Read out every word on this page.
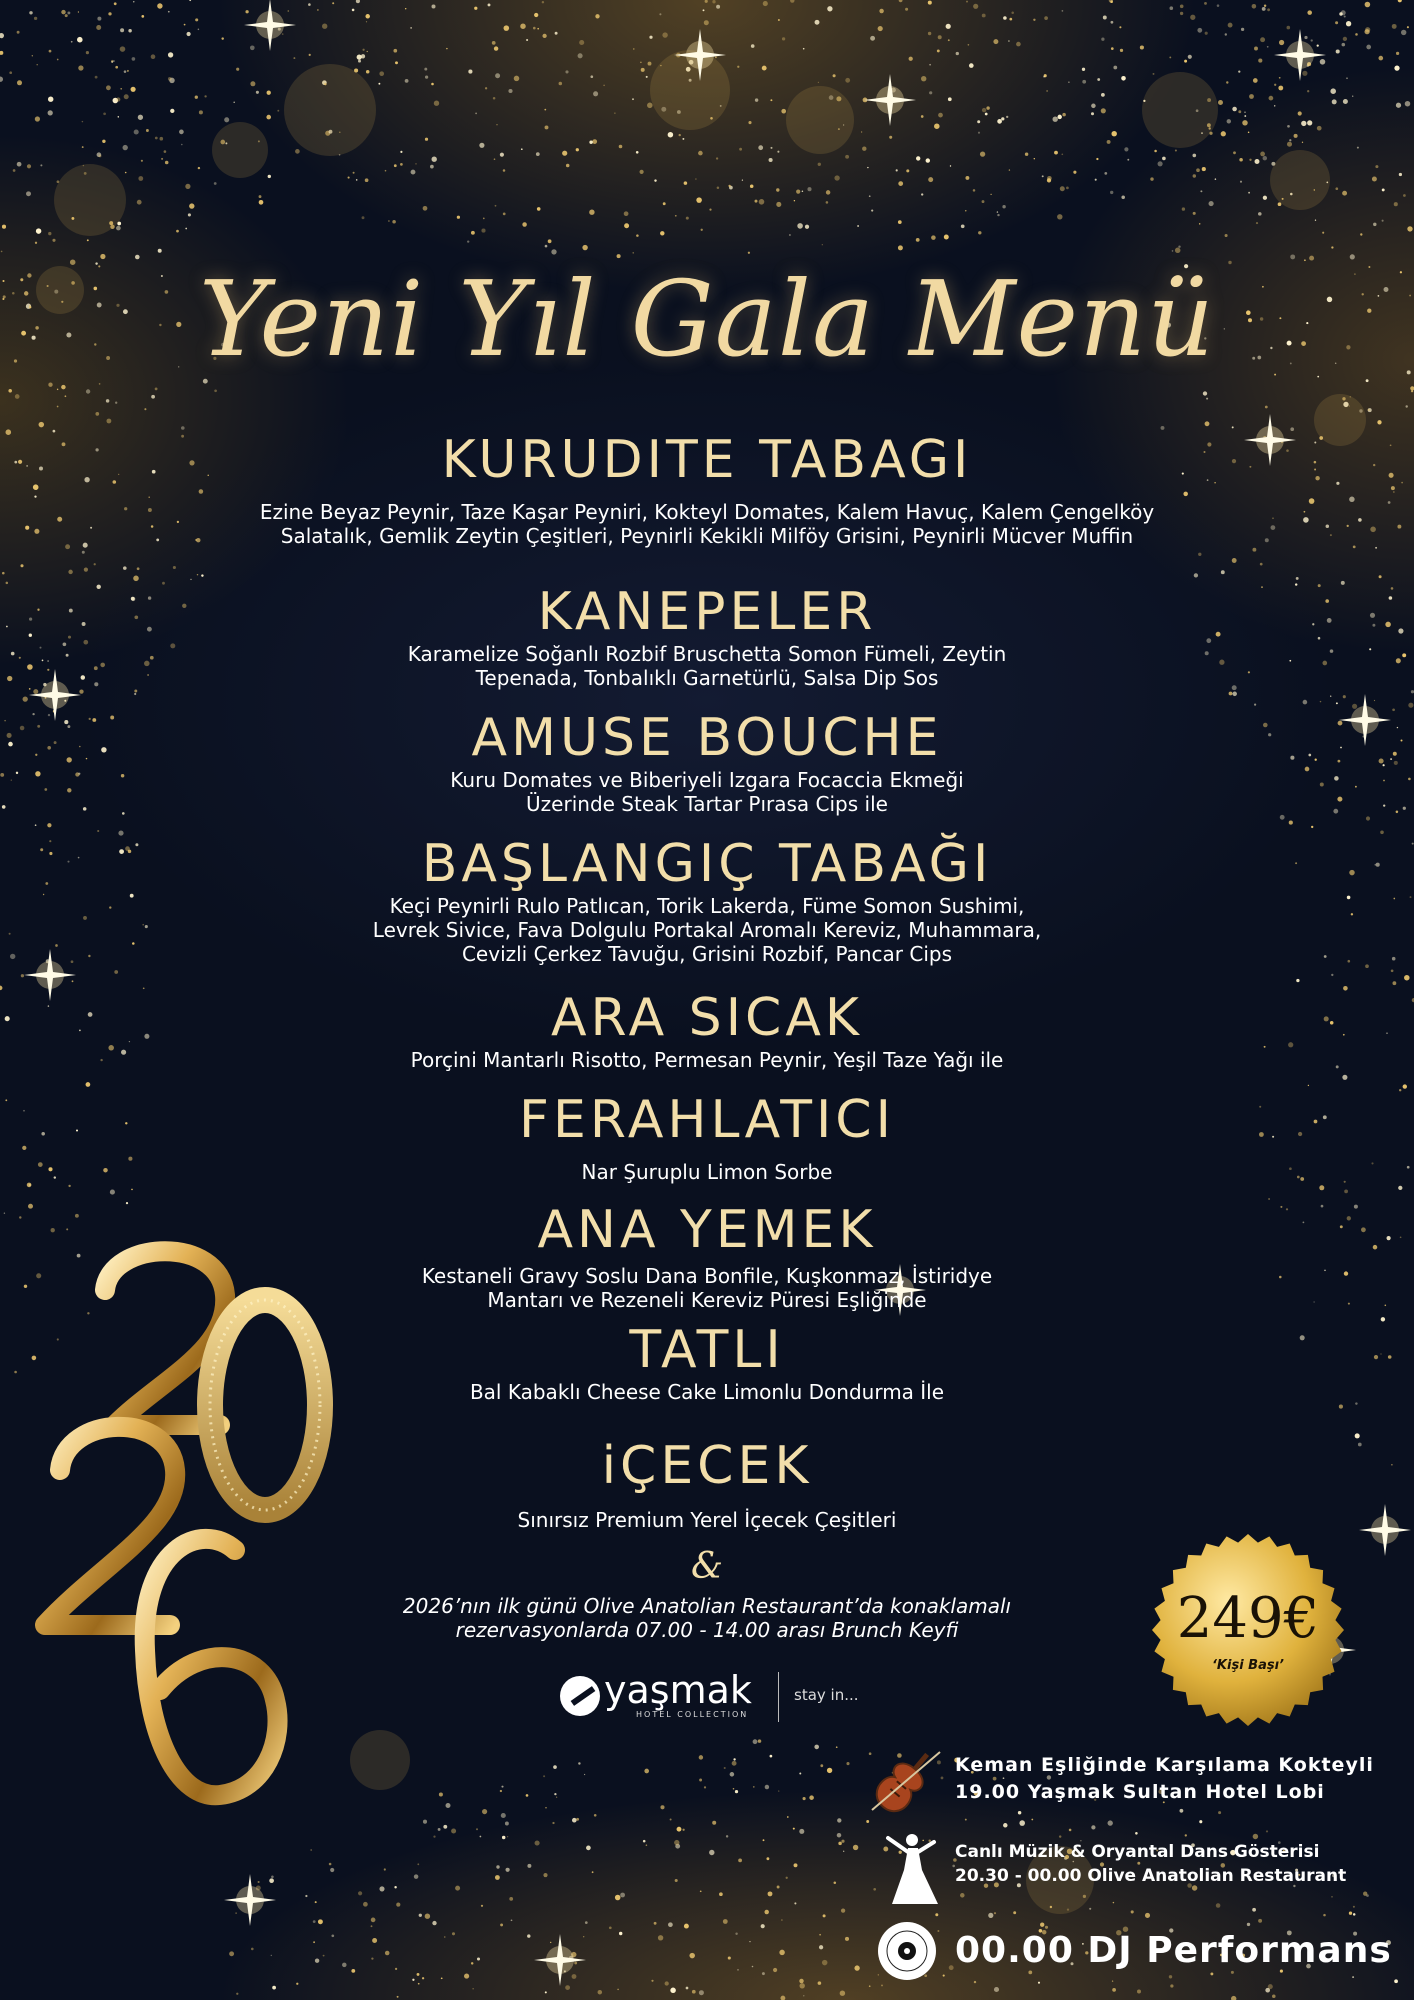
Yeni Yıl Gala Menü
KURUDITE TABAGI

Ezine Beyaz Peynir, Taze Kaşar Peyniri, Kokteyl Domates, Kalem Havuç, Kalem Çengelköy
Salatalık, Gemlik Zeytin Çeşitleri, Peynirli Kekikli Milföy Grisini, Peynirli Mücver Muffin

KANEPELER

Karamelize Soğanlı Rozbif Bruschetta Somon Fümeli, Zeytin
Tepenada, Tonbalıklı Garnetürlü, Salsa Dip Sos

AMUSE BOUCHE

Kuru Domates ve Biberiyeli Izgara Focaccia Ekmeği
Üzerinde Steak Tartar Pırasa Cips ile

BAŞLANGIÇ TABAĞI

Keçi Peynirli Rulo Patlıcan, Torik Lakerda, Füme Somon Sushimi,
Levrek Sivice, Fava Dolgulu Portakal Aromalı Kereviz, Muhammara,
Cevizli Çerkez Tavuğu, Grisini Rozbif, Pancar Cips

ARA SICAK

Porçini Mantarlı Risotto, Permesan Peynir, Yeşil Taze Yağı ile

FERAHLATICI

Nar Şuruplu Limon Sorbe

ANA YEMEK

Kestaneli Gravy Soslu Dana Bonfile, Kuşkonmaz, İstiridye
Mantarı ve Rezeneli Kereviz Püresi Eşliğinde

TATLI

Bal Kabaklı Cheese Cake Limonlu Dondurma İle

iÇECEK

Sınırsız Premium Yerel İçecek Çeşitleri

&
2026’nın ilk günü Olive Anatolian Restaurant’da konaklamalı
rezervasyonlarda 07.00 - 14.00 arası Brunch Keyfi
yaşmak
HOTEL COLLECTION
stay in...
249€
‘Kişi Başı’
Keman Eşliğinde Karşılama Kokteyli
19.00 Yaşmak Sultan Hotel Lobi
Canlı Müzik & Oryantal Dans Gösterisi
20.30 - 00.00 Olive Anatolian Restaurant
00.00 DJ Performans
